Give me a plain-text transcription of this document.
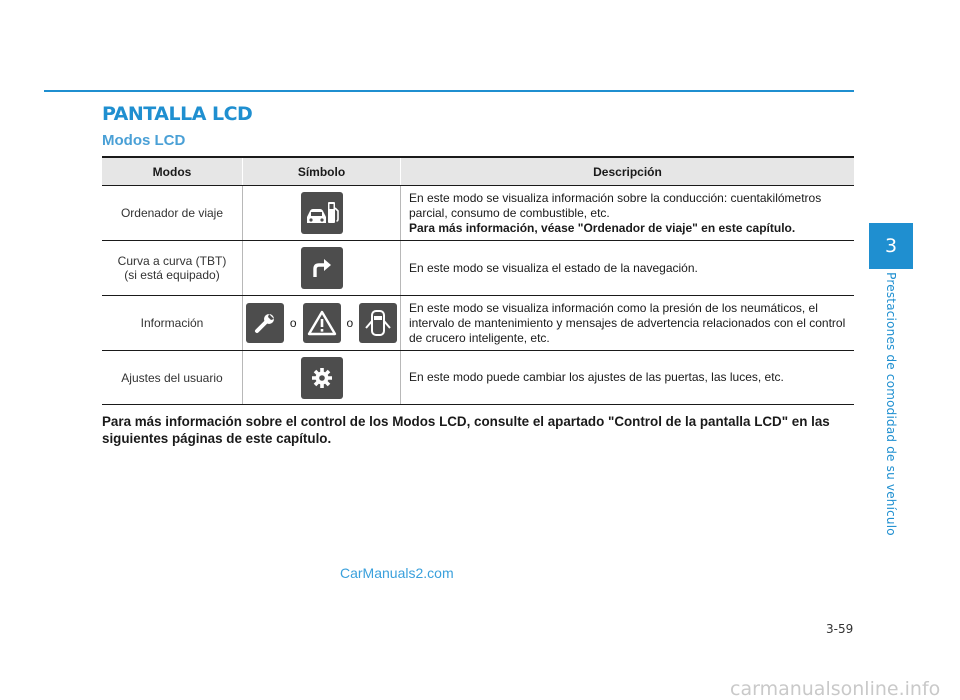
PANTALLA LCD
Modos LCD
Modos	Símbolo	Descripción
Ordenador de viaje		En este modo se visualiza información sobre la conducción: cuentakilómetros parcial, consumo de combustible, etc.
Para más información, véase "Ordenador de viaje" en este capítulo.

Curva a curva (TBT)
(si está equipado)		En este modo se visualiza el estado de la navegación.

Información	o o	En este modo se visualiza información como la presión de los neumáticos, el intervalo de mantenimiento y mensajes de advertencia relacionados con el control de crucero inteligente, etc.

Ajustes del usuario		En este modo puede cambiar los ajustes de las puertas, las luces, etc.

Para más información sobre el control de los Modos LCD, consulte el apartado "Control de la pantalla LCD" en las siguientes páginas de este capítulo.

CarManuals2.com
3-59
3
Prestaciones de comodidad de su vehículo
carmanualsonline.info
